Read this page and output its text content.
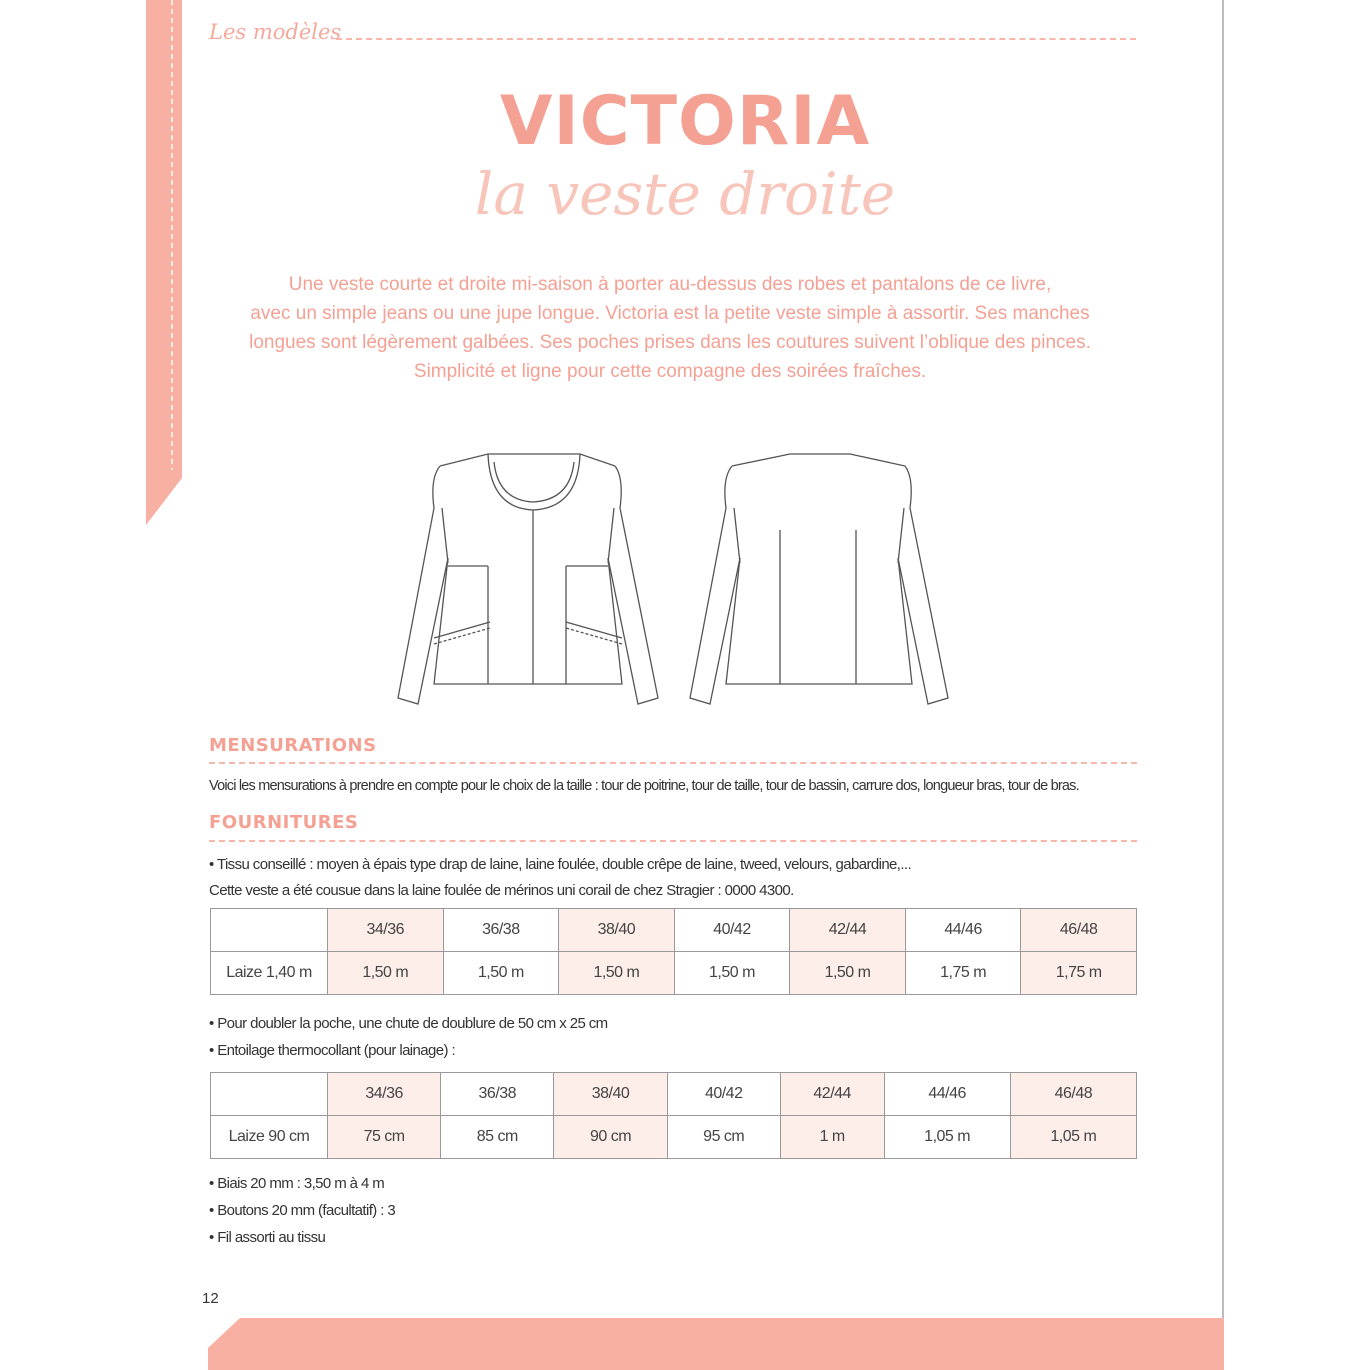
Les modèles
VICTORIA
la veste droite
Une veste courte et droite mi-saison à porter au-dessus des robes et pantalons de ce livre,
avec un simple jeans ou une jupe longue. Victoria est la petite veste simple à assortir. Ses manches
longues sont légèrement galbées. Ses poches prises dans les coutures suivent l’oblique des pinces.
Simplicité et ligne pour cette compagne des soirées fraîches.
MENSURATIONS
Voici les mensurations à prendre en compte pour le choix de la taille : tour de poitrine, tour de taille, tour de bassin, carrure dos, longueur bras, tour de bras.
FOURNITURES
• Tissu conseillé : moyen à épais type drap de laine, laine foulée, double crêpe de laine, tweed, velours, gabardine,...
Cette veste a été cousue dans la laine foulée de mérinos uni corail de chez Stragier : 0000 4300.
	34/36	36/38	38/40	40/42	42/44	44/46	46/48
Laize 1,40 m	1,50 m	1,50 m	1,50 m	1,50 m	1,50 m	1,75 m	1,75 m
• Pour doubler la poche, une chute de doublure de 50 cm x 25 cm
• Entoilage thermocollant (pour lainage) :
	34/36	36/38	38/40	40/42	42/44	44/46	46/48
Laize 90 cm	75 cm	85 cm	90 cm	95 cm	1 m	1,05 m	1,05 m
• Biais 20 mm : 3,50 m à 4 m
• Boutons 20 mm (facultatif) : 3
• Fil assorti au tissu
12
